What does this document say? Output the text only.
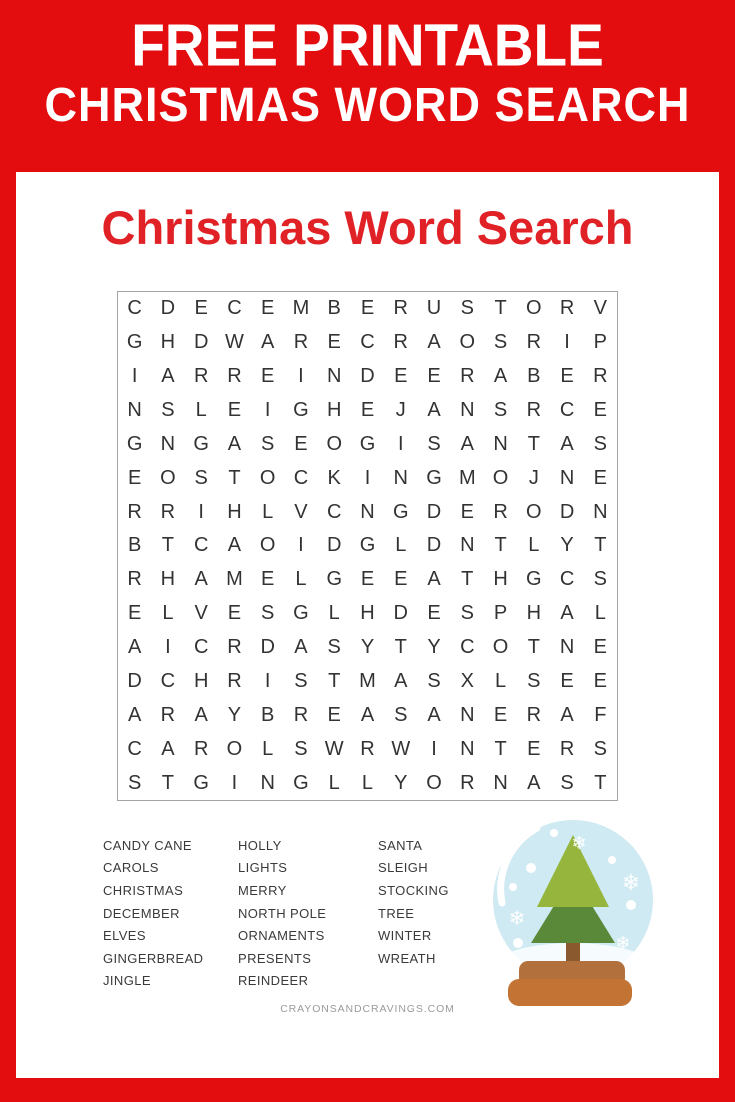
FREE PRINTABLE
CHRISTMAS WORD SEARCH
Christmas Word Search
C D E C E M B E R U S	T O R V
G H D W A R E C R A O S R	I	P
I	A R R E	I	N D E E R A B E R
N S	L	E	I	G H E	J	A N S R C E
G N G A S E O G	I	S A N T	A S
E O S	T O C K	I	N G M O	J	N E
R R	I	H	L	V C N G D E R O D N
B	T C A O	I	D G L	D N T	L	Y	T
R H A M E	L G E E A	T H G C S
E	L	V E S G L	H D E S P H A	L
A	I	C R D A S Y	T	Y C O T N E
D C H R	I	S	T M A S X	L	S E E
A R A Y B R E A S A N E R A	F
C A R O L	S W R W	I	N T	E R S
S	T G	I	N G L	L	Y O R N A S	T
CANDY CANE
CAROLS
CHRISTMAS
DECEMBER
ELVES
GINGERBREAD
JINGLE
HOLLY
LIGHTS
MERRY
NORTH POLE
ORNAMENTS
PRESENTS
REINDEER
SANTA
SLEIGH
STOCKING
TREE
WINTER
WREATH
❄
❄
❄
❄
CRAYONSANDCRAVINGS.COM
